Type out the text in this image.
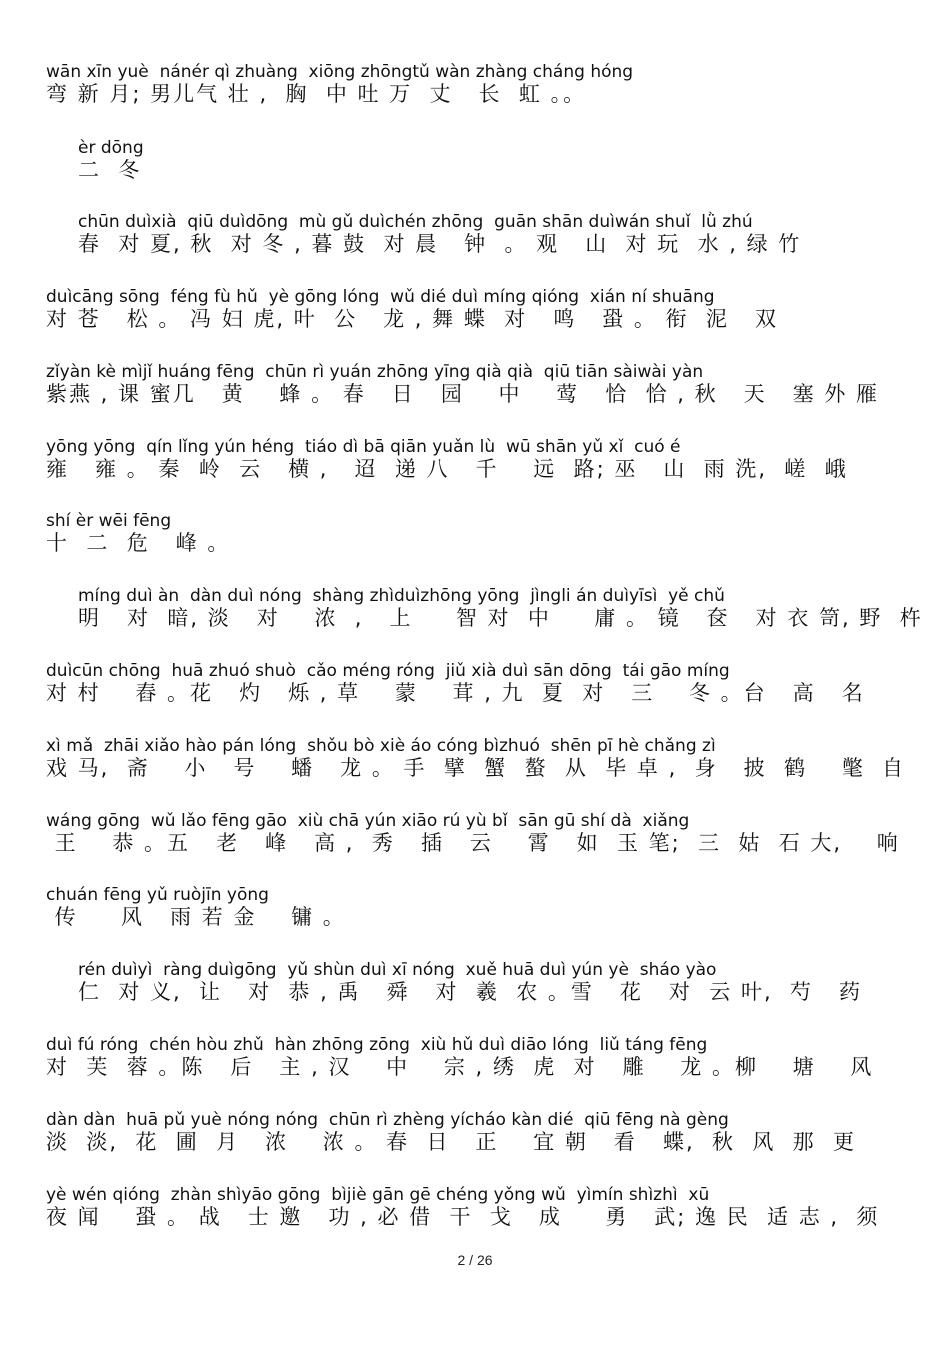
wān xīn yuè  nánér qì zhuàng  xiōng zhōngtǔ wàn zhàng cháng hóng
弯 新 月; 男儿气 壮 ,  胸  中 吐 万  丈   长  虹 。。
èr dōng
二  冬
chūn duìxià  qiū duìdōng  mù gǔ duìchén zhōng  guān shān duìwán shuǐ  lǜ zhú
春  对 夏, 秋  对 冬 , 暮 鼓  对 晨   钟  。 观   山  对 玩  水 , 绿 竹
duìcāng sōng  féng fù hǔ  yè gōng lóng  wǔ dié duì míng qióng  xián ní shuāng
对 苍   松 。 冯 妇 虎, 叶  公   龙 , 舞 蝶  对   鸣   蛩 。 衔  泥   双
zǐyàn kè mìjǐ huáng fēng  chūn rì yuán zhōng yīng qià qià  qiū tiān sàiwài yàn
紫燕 , 课 蜜几   黄    蜂 。 春   日   园    中    莺   恰  恰 , 秋   天   塞 外 雁
yōng yōng  qín lǐng yún héng  tiáo dì bā qiān yuǎn lù  wū shān yǔ xǐ  cuó é
雍   雍 。 秦  岭  云   横 ,   迢  递 八   千    远  路; 巫   山  雨 洗,  嵯  峨
shí èr wēi fēng
十  二  危   峰 。
míng duì àn  dàn duì nóng  shàng zhìduìzhōng yōng  jìngli án duìyīsì  yě chǔ
明   对  暗, 淡   对    浓  ,   上     智 对  中     庸 。 镜   奁   对 衣 笥, 野  杵
duìcūn chōng  huā zhuó shuò  cǎo méng róng  jiǔ xià duì sān dōng  tái gāo míng
对 村    舂 。花   灼   烁 , 草    蒙    茸 , 九  夏  对   三    冬 。台   高   名
xì mǎ  zhāi xiǎo hào pán lóng  shǒu bò xiè áo cóng bìzhuó  shēn pī hè chǎng zì
戏 马,  斋    小   号    蟠   龙 。 手  擘  蟹  螯  从  毕 卓 ,  身   披  鹤    氅  自
wáng gōng  wǔ lǎo fēng gāo  xiù chā yún xiāo rú yù bǐ  sān gū shí dà  xiǎng
王    恭 。五   老   峰   高 ,  秀   插   云    霄   如  玉 笔;  三  姑  石 大,    响
chuán fēng yǔ ruòjīn yōng
传     风   雨 若 金    镛 。
rén duìyì  ràng duìgōng  yǔ shùn duì xī nóng  xuě huā duì yún yè  sháo yào
仁  对 义,  让   对  恭 , 禹   舜   对  羲  农 。雪   花   对  云 叶,  芍   药
duì fú róng  chén hòu zhǔ  hàn zhōng zōng  xiù hǔ duì diāo lóng  liǔ táng fēng
对  芙  蓉 。陈   后   主 , 汉    中    宗 , 绣  虎  对   雕    龙 。柳    塘    风
dàn dàn  huā pǔ yuè nóng nóng  chūn rì zhèng yícháo kàn dié  qiū fēng nà gèng
淡  淡,  花  圃  月   浓    浓 。 春  日   正    宜 朝   看   蝶,  秋  风  那  更
yè wén qióng  zhàn shìyāo gōng  bìjiè gān gē chéng yǒng wǔ  yìmín shìzhì  xū
夜 闻    蛩 。 战   士 邀   功 , 必 借  干  戈   成     勇   武; 逸 民  适 志 ,  须
2 / 26
